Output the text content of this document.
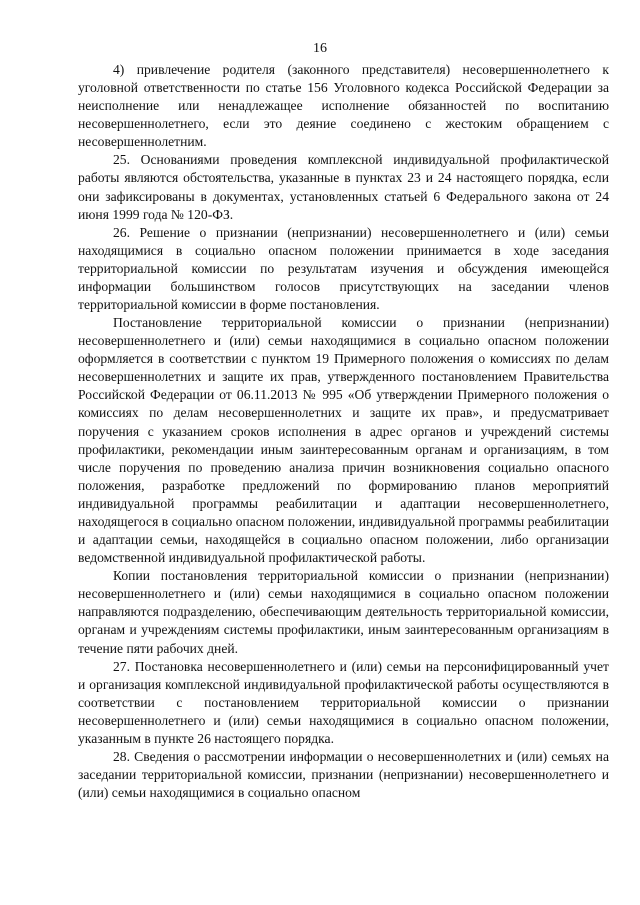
16

4) привлечение родителя (законного представителя) несовершеннолетнего к уголовной ответственности по статье 156 Уголовного кодекса Российской Федерации за неисполнение или ненадлежащее исполнение обязанностей по воспитанию несовершеннолетнего, если это деяние соединено с жестоким обращением с несовершеннолетним.

25. Основаниями проведения комплексной индивидуальной профилактической работы являются обстоятельства, указанные в пунктах 23 и 24 настоящего порядка, если они зафиксированы в документах, установленных статьей 6 Федерального закона от 24 июня 1999 года № 120-ФЗ.

26. Решение о признании (непризнании) несовершеннолетнего и (или) семьи находящимися в социально опасном положении принимается в ходе заседания территориальной комиссии по результатам изучения и обсуждения имеющейся информации большинством голосов присутствующих на заседании членов территориальной комиссии в форме постановления.

Постановление территориальной комиссии о признании (непризнании) несовершеннолетнего и (или) семьи находящимися в социально опасном положении оформляется в соответствии с пунктом 19 Примерного положения о комиссиях по делам несовершеннолетних и защите их прав, утвержденного постановлением Правительства Российской Федерации от 06.11.2013 № 995 «Об утверждении Примерного положения о комиссиях по делам несовершеннолетних и защите их прав», и предусматривает поручения с указанием сроков исполнения в адрес органов и учреждений системы профилактики, рекомендации иным заинтересованным органам и организациям, в том числе поручения по проведению анализа причин возникновения социально опасного положения, разработке предложений по формированию планов мероприятий индивидуальной программы реабилитации и адаптации несовершеннолетнего, находящегося в социально опасном положении, индивидуальной программы реабилитации и адаптации семьи, находящейся в социально опасном положении, либо организации ведомственной индивидуальной профилактической работы.

Копии постановления территориальной комиссии о признании (непризнании) несовершеннолетнего и (или) семьи находящимися в социально опасном положении направляются подразделению, обеспечивающим деятельность территориальной комиссии, органам и учреждениям системы профилактики, иным заинтересованным организациям в течение пяти рабочих дней.

27. Постановка несовершеннолетнего и (или) семьи на персонифицированный учет и организация комплексной индивидуальной профилактической работы осуществляются в соответствии с постановлением территориальной комиссии о признании несовершеннолетнего и (или) семьи находящимися в социально опасном положении, указанным в пункте 26 настоящего порядка.

28. Сведения о рассмотрении информации о несовершеннолетних и (или) семьях на заседании территориальной комиссии, признании (непризнании) несовершеннолетнего и (или) семьи находящимися в социально опасном
